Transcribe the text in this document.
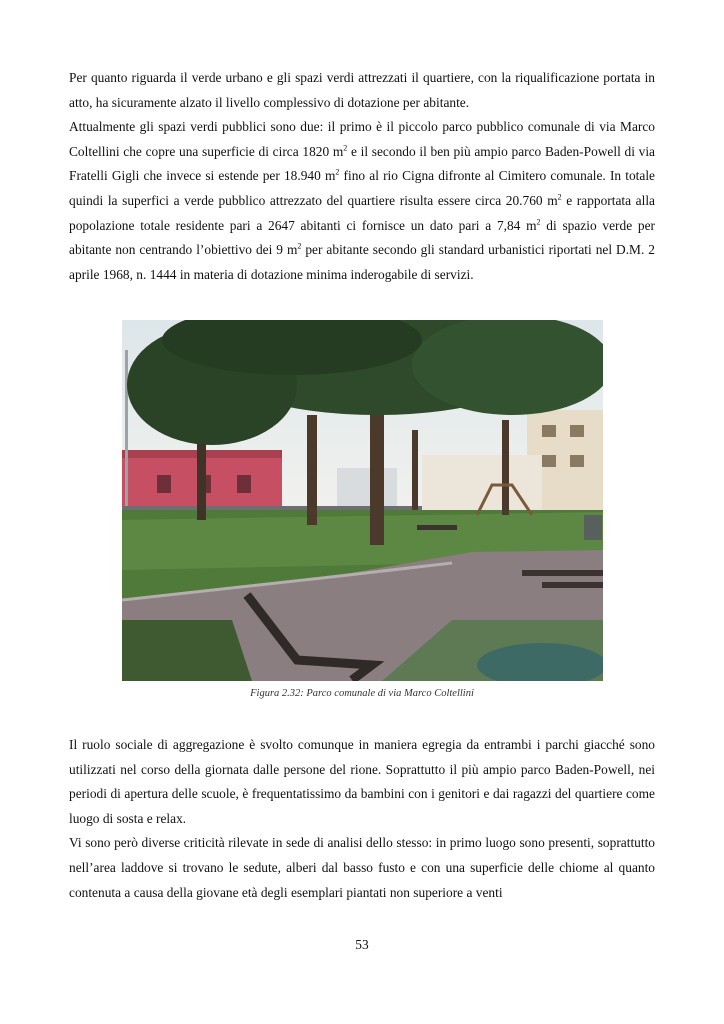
Per quanto riguarda il verde urbano e gli spazi verdi attrezzati il quartiere, con la riqualificazione portata in atto, ha sicuramente alzato il livello complessivo di dotazione per abitante.

Attualmente gli spazi verdi pubblici sono due: il primo è il piccolo parco pubblico comunale di via Marco Coltellini che copre una superficie di circa 1820 $m^2$ e il secondo il ben più ampio parco Baden-Powell di via Fratelli Gigli che invece si estende per 18.940 $m^2$ fino al rio Cigna difronte al Cimitero comunale. In totale quindi la superfici a verde pubblico attrezzato del quartiere risulta essere circa 20.760 $m^2$ e rapportata alla popolazione totale residente pari a 2647 abitanti ci fornisce un dato pari a 7,84 $m^2$ di spazio verde per abitante non centrando l’obiettivo dei 9 $m^2$ per abitante secondo gli standard urbanistici riportati nel D.M. 2 aprile 1968, n. 1444 in materia di dotazione minima inderogabile di servizi.

Figura 2.32: Parco comunale di via Marco Coltellini

Il ruolo sociale di aggregazione è svolto comunque in maniera egregia da entrambi i parchi giacché sono utilizzati nel corso della giornata dalle persone del rione. Soprattutto il più ampio parco Baden-Powell, nei periodi di apertura delle scuole, è frequentatissimo da bambini con i genitori e dai ragazzi del quartiere come luogo di sosta e relax.

Vi sono però diverse criticità rilevate in sede di analisi dello stesso: in primo luogo sono presenti, soprattutto nell’area laddove si trovano le sedute, alberi dal basso fusto e con una superficie delle chiome al quanto contenuta a causa della giovane età degli esemplari piantati non superiore a venti

53
